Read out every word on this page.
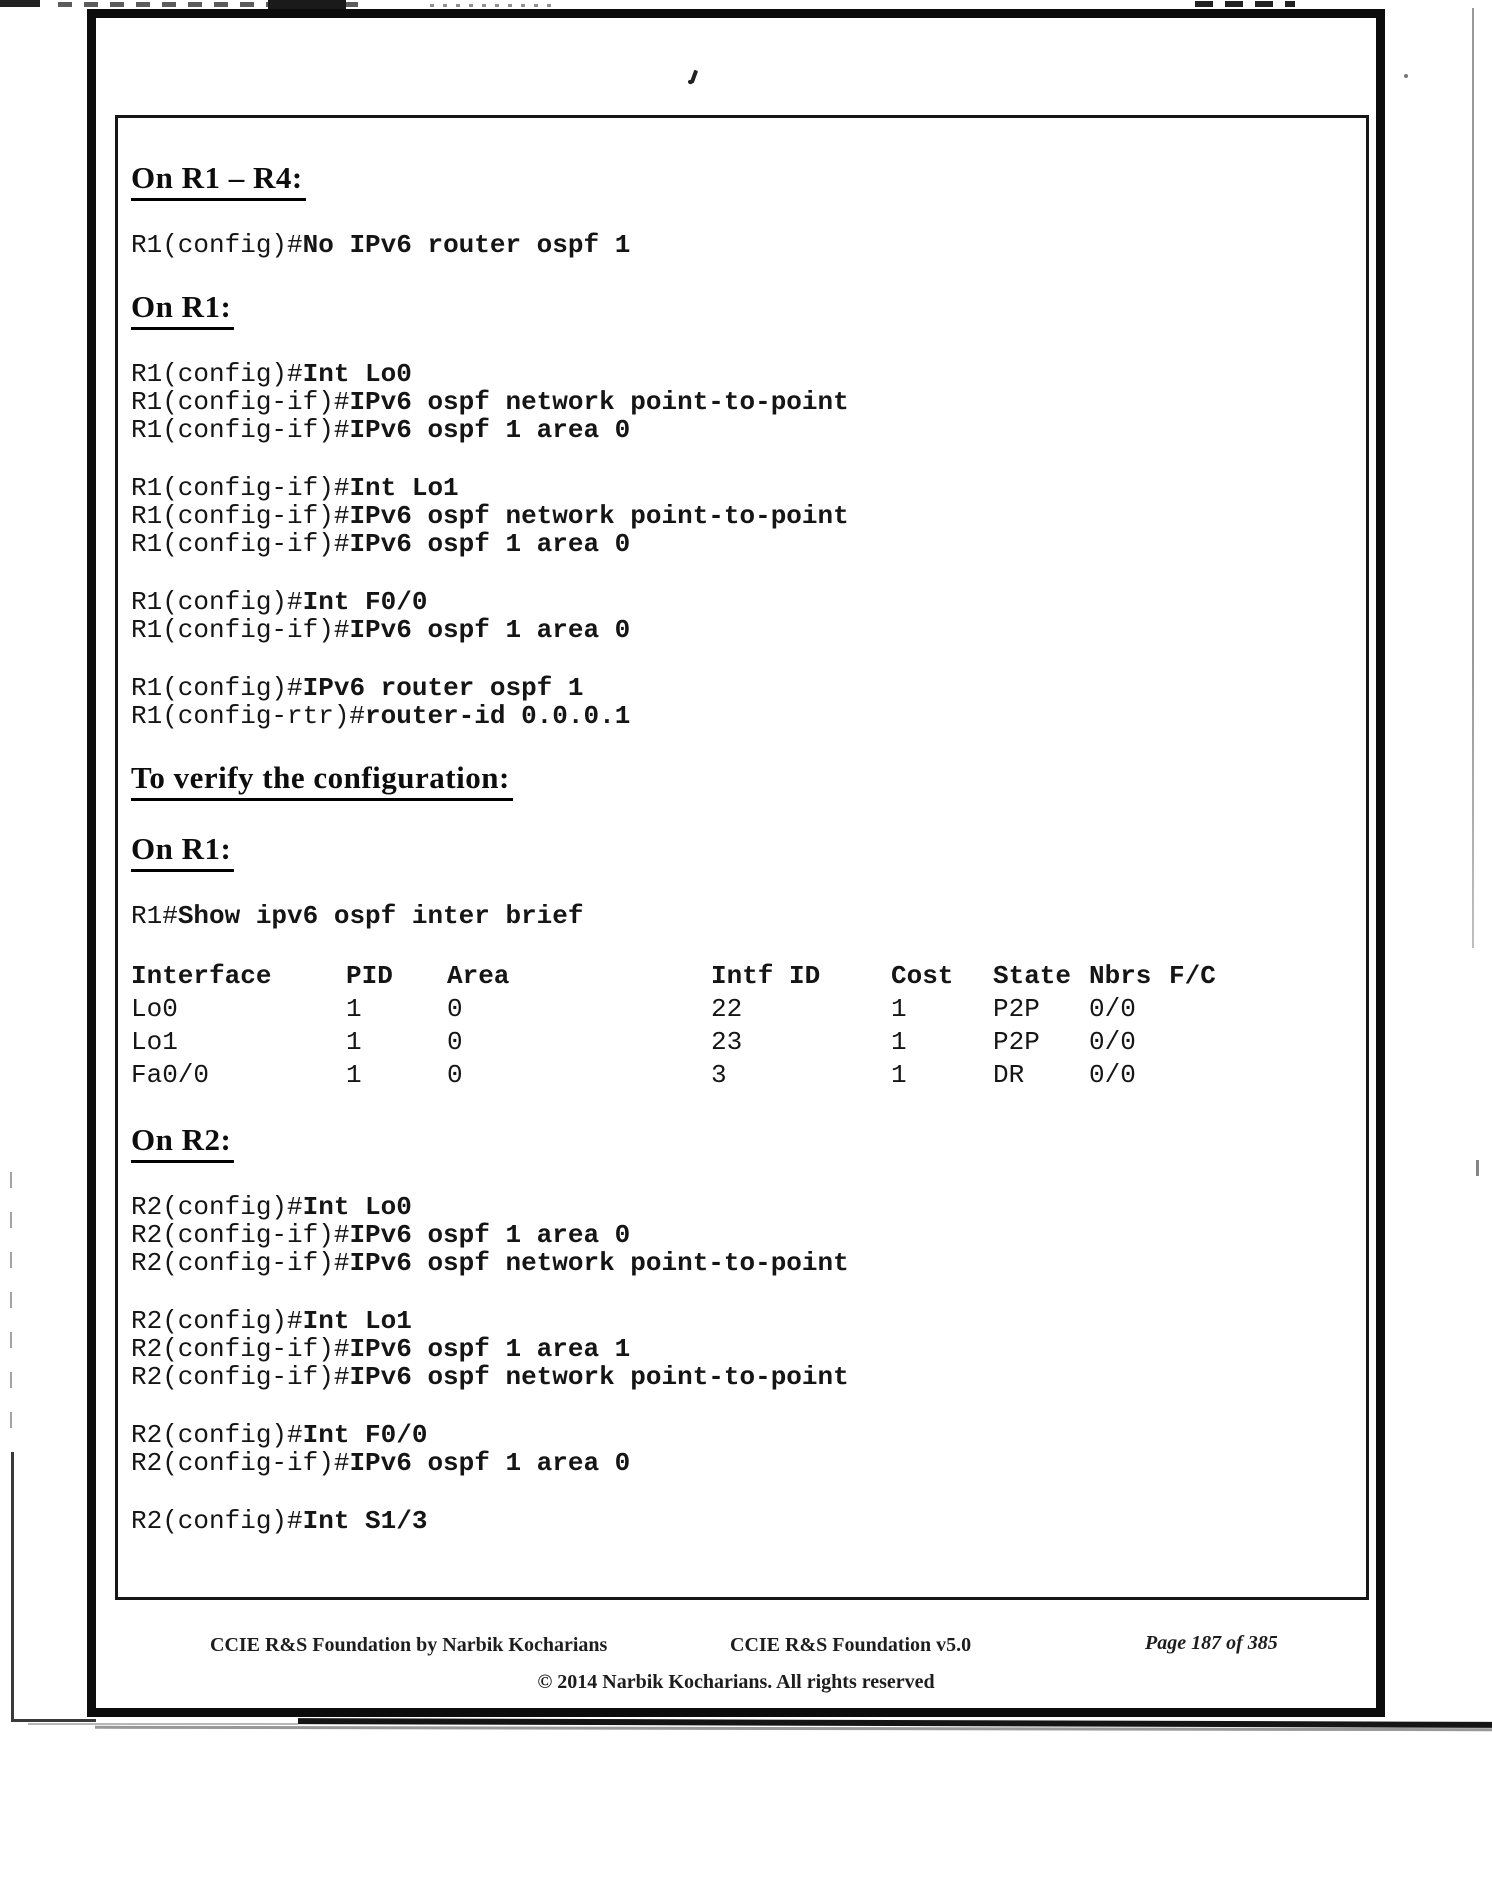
On R1 – R4:
R1(config)#No IPv6 router ospf 1
On R1:
R1(config)#Int Lo0
R1(config-if)#IPv6 ospf network point-to-point
R1(config-if)#IPv6 ospf 1 area 0
R1(config-if)#Int Lo1
R1(config-if)#IPv6 ospf network point-to-point
R1(config-if)#IPv6 ospf 1 area 0
R1(config)#Int F0/0
R1(config-if)#IPv6 ospf 1 area 0
R1(config)#IPv6 router ospf 1
R1(config-rtr)#router-id 0.0.0.1
To verify the configuration:
On R1:
R1#Show ipv6 ospf inter brief
Interface	PID	Area	Intf ID	Cost	State Nbrs F/C
Lo0	1	0	22	1	P2P	0/0
Lo1	1	0	23	1	P2P	0/0
Fa0/0	1	0	3	1	DR	0/0
On R2:
R2(config)#Int Lo0
R2(config-if)#IPv6 ospf 1 area 0
R2(config-if)#IPv6 ospf network point-to-point
R2(config)#Int Lo1
R2(config-if)#IPv6 ospf 1 area 1
R2(config-if)#IPv6 ospf network point-to-point
R2(config)#Int F0/0
R2(config-if)#IPv6 ospf 1 area 0
R2(config)#Int S1/3
CCIE R&S Foundation by Narbik Kocharians	CCIE R&S Foundation v5.0	Page 187 of 385
© 2014 Narbik Kocharians. All rights reserved
